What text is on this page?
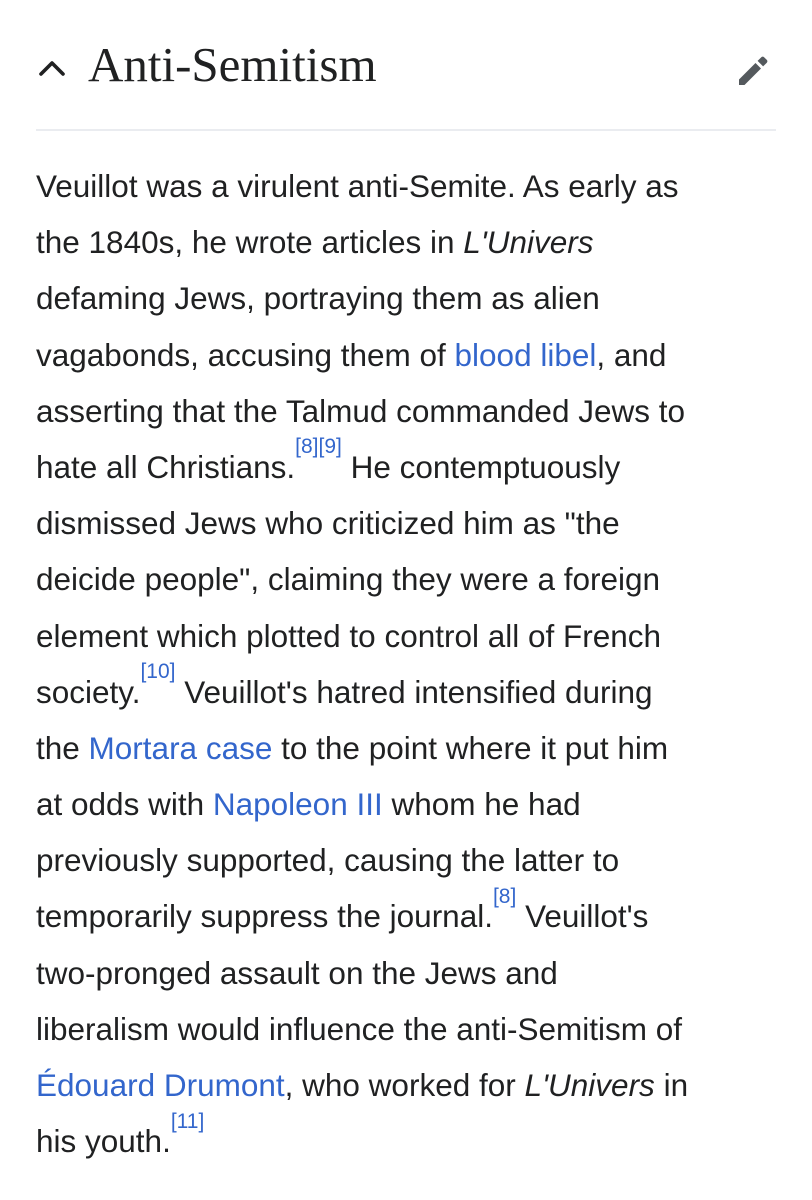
Anti-Semitism
Veuillot was a virulent anti-Semite. As early as
the 1840s, he wrote articles in L'Univers
defaming Jews, portraying them as alien
vagabonds, accusing them of blood libel, and
asserting that the Talmud commanded Jews to
hate all Christians.[8][9] He contemptuously
dismissed Jews who criticized him as "the
deicide people", claiming they were a foreign
element which plotted to control all of French
society.[10] Veuillot's hatred intensified during
the Mortara case to the point where it put him
at odds with Napoleon III whom he had
previously supported, causing the latter to
temporarily suppress the journal.[8] Veuillot's
two-pronged assault on the Jews and
liberalism would influence the anti-Semitism of
Édouard Drumont, who worked for L'Univers in
his youth.[11]
